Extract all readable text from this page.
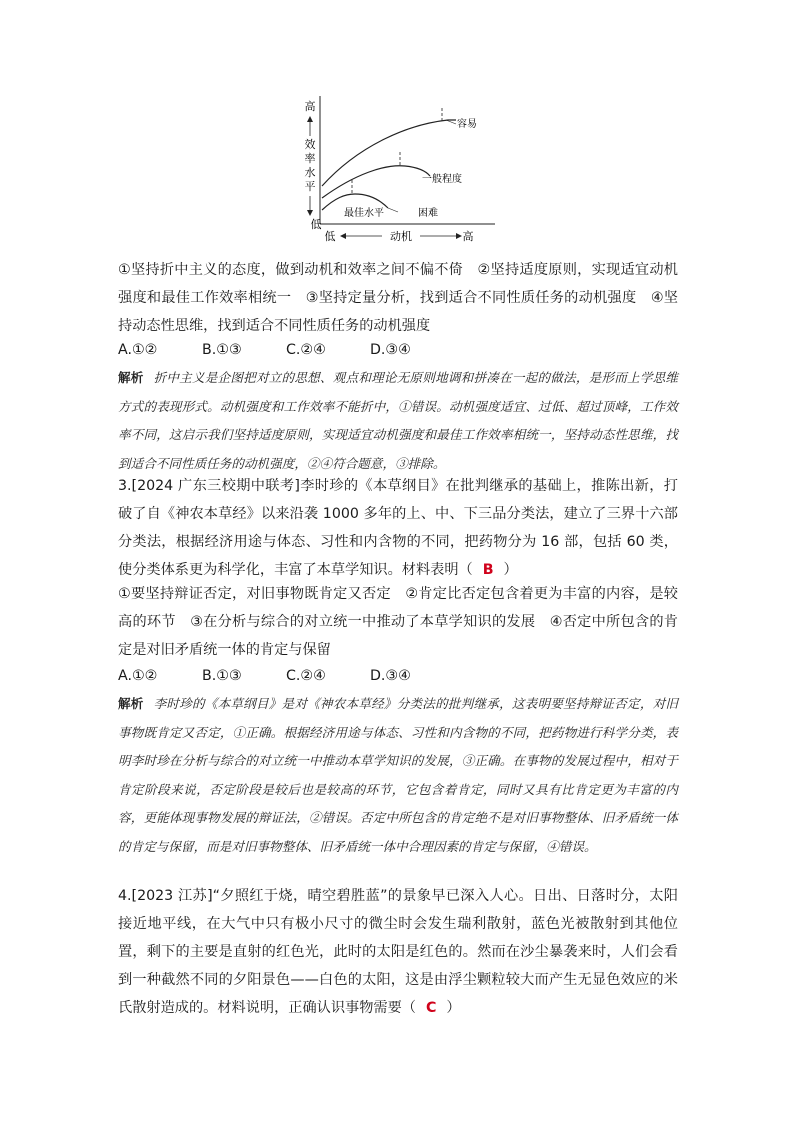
高
效
率
水
平
低
低	动机	高
容易
一般程度
最佳水平	困难
①坚持折中主义的态度，做到动机和效率之间不偏不倚　②坚持适度原则，实现适宜动机强度和最佳工作效率相统一　③坚持定量分析，找到适合不同性质任务的动机强度　④坚持动态性思维，找到适合不同性质任务的动机强度
A.①②	B.①③	C.②④	D.③④
解析 折中主义是企图把对立的思想、观点和理论无原则地调和拼凑在一起的做法，是形而上学思维方式的表现形式。动机强度和工作效率不能折中，①错误。动机强度适宜、过低、超过顶峰，工作效率不同，这启示我们坚持适度原则，实现适宜动机强度和最佳工作效率相统一，坚持动态性思维，找到适合不同性质任务的动机强度，②④符合题意，③排除。
3.[2024 广东三校期中联考]李时珍的《本草纲目》在批判继承的基础上，推陈出新，打破了自《神农本草经》以来沿袭 1000 多年的上、中、下三品分类法，建立了三界十六部分类法，根据经济用途与体态、习性和内含物的不同，把药物分为 16 部，包括 60 类，使分类体系更为科学化，丰富了本草学知识。材料表明（ B ）
①要坚持辩证否定，对旧事物既肯定又否定　②肯定比否定包含着更为丰富的内容，是较高的环节　③在分析与综合的对立统一中推动了本草学知识的发展　④否定中所包含的肯定是对旧矛盾统一体的肯定与保留
A.①②	B.①③	C.②④	D.③④
解析 李时珍的《本草纲目》是对《神农本草经》分类法的批判继承，这表明要坚持辩证否定，对旧事物既肯定又否定，①正确。根据经济用途与体态、习性和内含物的不同，把药物进行科学分类，表明李时珍在分析与综合的对立统一中推动本草学知识的发展，③正确。在事物的发展过程中，相对于肯定阶段来说，否定阶段是较后也是较高的环节，它包含着肯定，同时又具有比肯定更为丰富的内容，更能体现事物发展的辩证法，②错误。否定中所包含的肯定绝不是对旧事物整体、旧矛盾统一体的肯定与保留，而是对旧事物整体、旧矛盾统一体中合理因素的肯定与保留，④错误。
4.[2023 江苏]“夕照红于烧，晴空碧胜蓝”的景象早已深入人心。日出、日落时分，太阳接近地平线，在大气中只有极小尺寸的微尘时会发生瑞利散射，蓝色光被散射到其他位置，剩下的主要是直射的红色光，此时的太阳是红色的。然而在沙尘暴袭来时，人们会看到一种截然不同的夕阳景色——白色的太阳，这是由浮尘颗粒较大而产生无显色效应的米氏散射造成的。材料说明，正确认识事物需要（ C ）
